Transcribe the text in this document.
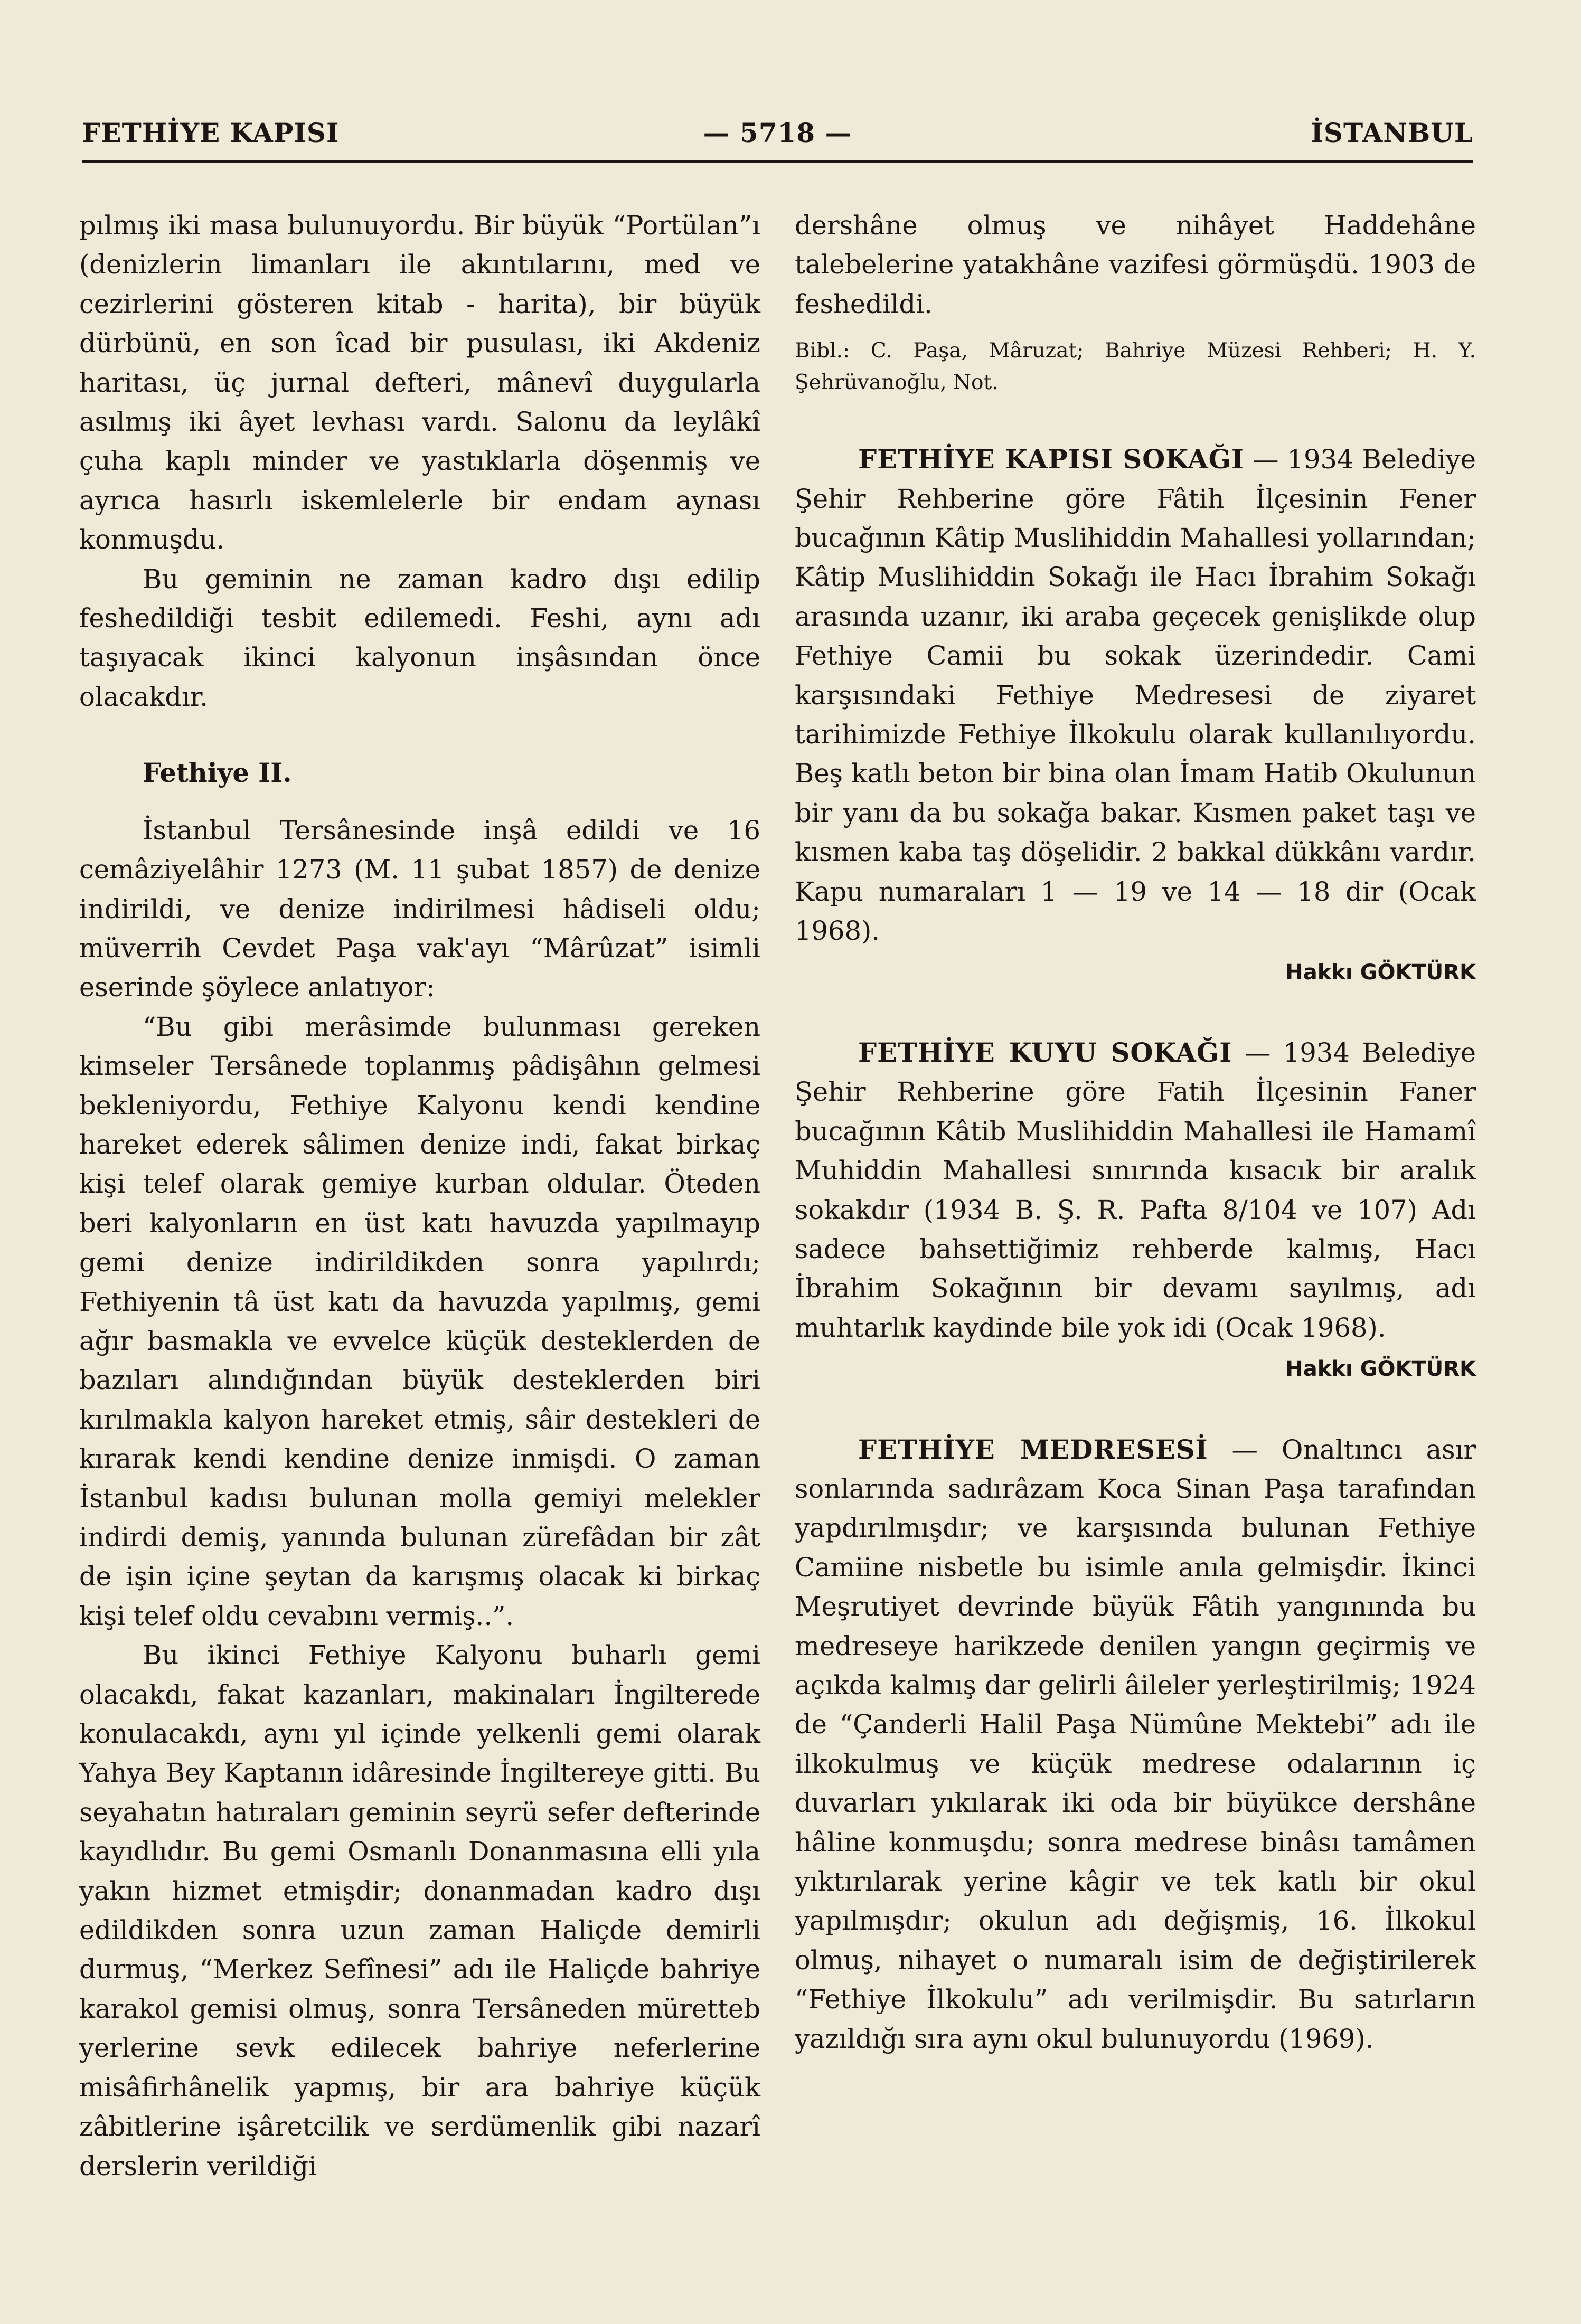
FETHİYE KAPISI	— 5718 —	İSTANBUL

pılmış iki masa bulunuyordu. Bir büyük “Portülan”ı (denizlerin limanları ile akıntılarını, med ve cezirlerini gösteren kitab - harita), bir büyük dürbünü, en son îcad bir pusulası, iki Akdeniz haritası, üç jurnal defteri, mânevî duygularla asılmış iki âyet levhası vardı. Salonu da leylâkî çuha kaplı minder ve yastıklarla döşenmiş ve ayrıca hasırlı iskemlelerle bir endam aynası konmuşdu.

Bu geminin ne zaman kadro dışı edilip feshedildiği tesbit edilemedi. Feshi, aynı adı taşıyacak ikinci kalyonun inşâsından önce olacakdır.

Fethiye II.

İstanbul Tersânesinde inşâ edildi ve 16 cemâziyelâhir 1273 (M. 11 şubat 1857) de denize indirildi, ve denize indirilmesi hâdiseli oldu; müverrih Cevdet Paşa vak'ayı “Mârûzat” isimli eserinde şöylece anlatıyor:

“Bu gibi merâsimde bulunması gereken kimseler Tersânede toplanmış pâdişâhın gelmesi bekleniyordu, Fethiye Kalyonu kendi kendine hareket ederek sâlimen denize indi, fakat birkaç kişi telef olarak gemiye kurban oldular. Öteden beri kalyonların en üst katı havuzda yapılmayıp gemi denize indirildikden sonra yapılırdı; Fethiyenin tâ üst katı da havuzda yapılmış, gemi ağır basmakla ve evvelce küçük desteklerden de bazıları alındığından büyük desteklerden biri kırılmakla kalyon hareket etmiş, sâir destekleri de kırarak kendi kendine denize inmişdi. O zaman İstanbul kadısı bulunan molla gemiyi melekler indirdi demiş, yanında bulunan zürefâdan bir zât de işin içine şeytan da karışmış olacak ki birkaç kişi telef oldu cevabını vermiş..”.

Bu ikinci Fethiye Kalyonu buharlı gemi olacakdı, fakat kazanları, makinaları İngilterede konulacakdı, aynı yıl içinde yelkenli gemi olarak Yahya Bey Kaptanın idâresinde İngiltereye gitti. Bu seyahatın hatıraları geminin seyrü sefer defterinde kayıdlıdır. Bu gemi Osmanlı Donanmasına elli yıla yakın hizmet etmişdir; donanmadan kadro dışı edildikden sonra uzun zaman Haliçde demirli durmuş, “Merkez Sefînesi” adı ile Haliçde bahriye karakol gemisi olmuş, sonra Tersâneden müretteb yerlerine sevk edilecek bahriye neferlerine misâfirhânelik yapmış, bir ara bahriye küçük zâbitlerine işâretcilik ve serdümenlik gibi nazarî derslerin verildiği

dershâne olmuş ve nihâyet Haddehâne talebelerine yatakhâne vazifesi görmüşdü. 1903 de feshedildi.

Bibl.: C. Paşa, Mâruzat; Bahriye Müzesi Rehberi; H. Y. Şehrüvanoğlu, Not.

FETHİYE KAPISI SOKAĞI — 1934 Belediye Şehir Rehberine göre Fâtih İlçesinin Fener bucağının Kâtip Muslihiddin Mahallesi yollarından; Kâtip Muslihiddin Sokağı ile Hacı İbrahim Sokağı arasında uzanır, iki araba geçecek genişlikde olup Fethiye Camii bu sokak üzerindedir. Cami karşısındaki Fethiye Medresesi de ziyaret tarihimizde Fethiye İlkokulu olarak kullanılıyordu. Beş katlı beton bir bina olan İmam Hatib Okulunun bir yanı da bu sokağa bakar. Kısmen paket taşı ve kısmen kaba taş döşelidir. 2 bakkal dükkânı vardır. Kapu numaraları 1 — 19 ve 14 — 18 dir (Ocak 1968).

Hakkı GÖKTÜRK

FETHİYE KUYU SOKAĞI — 1934 Belediye Şehir Rehberine göre Fatih İlçesinin Faner bucağının Kâtib Muslihiddin Mahallesi ile Hamamî Muhiddin Mahallesi sınırında kısacık bir aralık sokakdır (1934 B. Ş. R. Pafta 8/104 ve 107) Adı sadece bahsettiğimiz rehberde kalmış, Hacı İbrahim Sokağının bir devamı sayılmış, adı muhtarlık kaydinde bile yok idi (Ocak 1968).

Hakkı GÖKTÜRK

FETHİYE MEDRESESİ — Onaltıncı asır sonlarında sadırâzam Koca Sinan Paşa tarafından yapdırılmışdır; ve karşısında bulunan Fethiye Camiine nisbetle bu isimle anıla gelmişdir. İkinci Meşrutiyet devrinde büyük Fâtih yangınında bu medreseye harikzede denilen yangın geçirmiş ve açıkda kalmış dar gelirli âileler yerleştirilmiş; 1924 de “Çanderli Halil Paşa Nümûne Mektebi” adı ile ilkokulmuş ve küçük medrese odalarının iç duvarları yıkılarak iki oda bir büyükce dershâne hâline konmuşdu; sonra medrese binâsı tamâmen yıktırılarak yerine kâgir ve tek katlı bir okul yapılmışdır; okulun adı değişmiş, 16. İlkokul olmuş, nihayet o numaralı isim de değiştirilerek “Fethiye İlkokulu” adı verilmişdir. Bu satırların yazıldığı sıra aynı okul bulunuyordu (1969).
